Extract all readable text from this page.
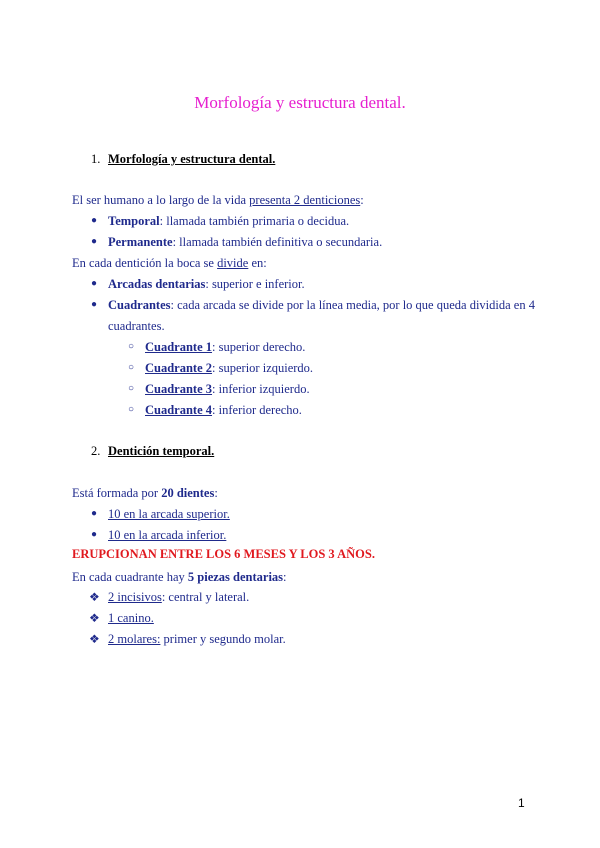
Morfología y estructura dental.
1. Morfología y estructura dental.
El ser humano a lo largo de la vida presenta 2 denticiones:
● Temporal: llamada también primaria o decidua.
● Permanente: llamada también definitiva o secundaria.
En cada dentición la boca se divide en:
● Arcadas dentarias: superior e inferior.
● Cuadrantes: cada arcada se divide por la línea media, por lo que queda dividida en 4
cuadrantes.
○ Cuadrante 1: superior derecho.
○ Cuadrante 2: superior izquierdo.
○ Cuadrante 3: inferior izquierdo.
○ Cuadrante 4: inferior derecho.
2. Dentición temporal.
Está formada por 20 dientes:
● 10 en la arcada superior.
● 10 en la arcada inferior.
ERUPCIONAN ENTRE LOS 6 MESES Y LOS 3 AÑOS.
En cada cuadrante hay 5 piezas dentarias:
❖ 2 incisivos: central y lateral.
❖ 1 canino.
❖ 2 molares: primer y segundo molar.
1
